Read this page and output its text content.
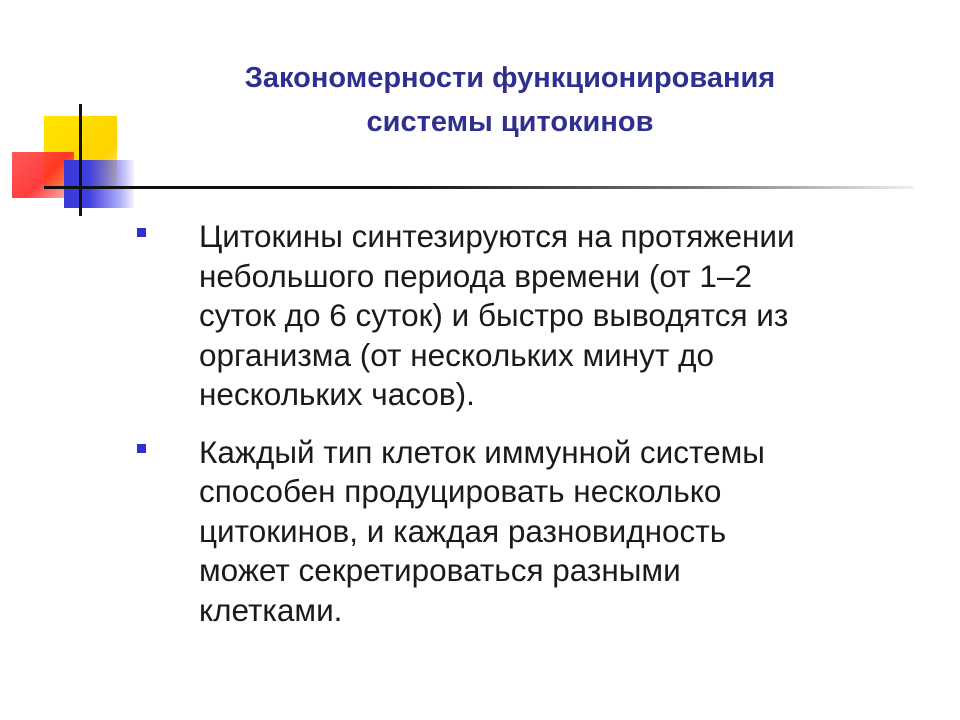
Закономерности функционирования
системы цитокинов
Цитокины синтезируются на протяжении
небольшого периода времени (от 1–2
суток до 6 суток) и быстро выводятся из
организма (от нескольких минут до
нескольких часов).
Каждый тип клеток иммунной системы
способен продуцировать несколько
цитокинов, и каждая разновидность
может секретироваться разными
клетками.
